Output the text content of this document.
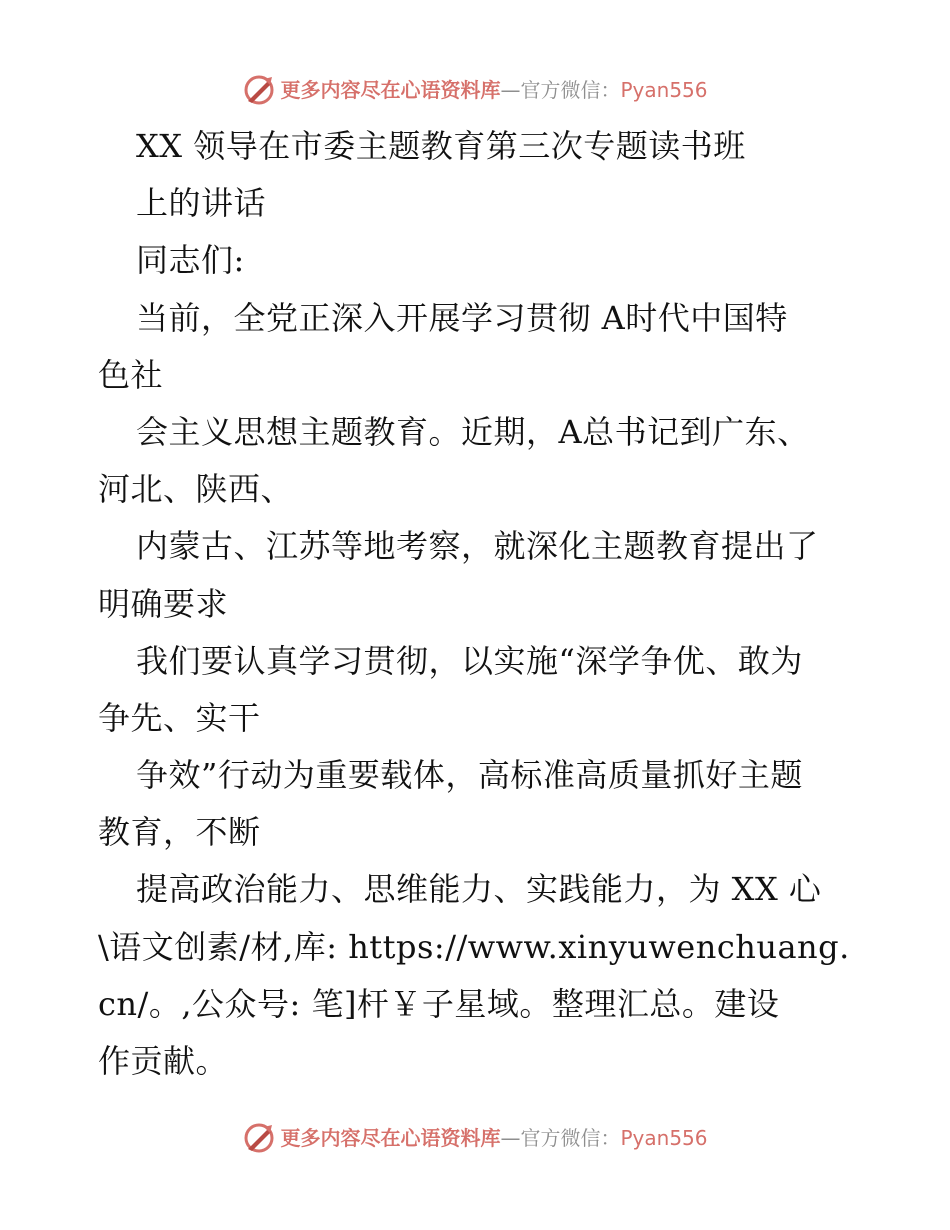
更多内容尽在心语资料库 —官方微信： Pyan556
XX 领导在市委主题教育第三次专题读书班
上的讲话
同志们:
当前，全党正深入开展学习贯彻 A时代中国特
色社
会主义思想主题教育。近期，A总书记到广东、
河北、陕西、
内蒙古、江苏等地考察，就深化主题教育提出了
明确要求
我们要认真学习贯彻，以实施“深学争优、敢为
争先、实干
争效”行动为重要载体，高标准高质量抓好主题
教育，不断
提高政治能力、思维能力、实践能力，为 XX 心
\语文创素/材,库: https://www.xinyuwenchuang.
cn/。,公众号: 笔]杆￥子星域。整理汇总。建设
作贡献。
更多内容尽在心语资料库 —官方微信： Pyan556
